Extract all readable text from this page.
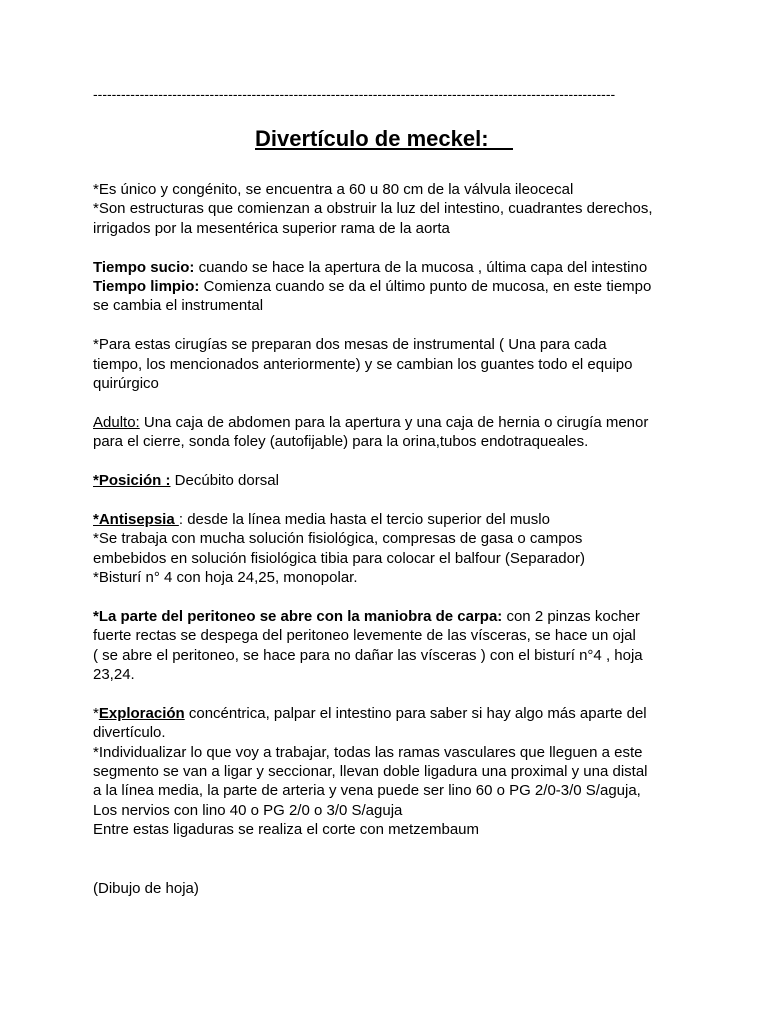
----------------------------------------------------------------------------------------------------------------
Divertículo de meckel:
*Es único y congénito, se encuentra a 60 u 80 cm de la válvula ileocecal
*Son estructuras que comienzan a obstruir la luz del intestino, cuadrantes derechos,
irrigados por la mesentérica superior rama de la aorta
Tiempo sucio: cuando se hace la apertura de la mucosa , última capa del intestino
Tiempo limpio: Comienza cuando se da el último punto de mucosa, en este tiempo
se cambia el instrumental
*Para estas cirugías se preparan dos mesas de instrumental ( Una para cada
tiempo, los mencionados anteriormente) y se cambian los guantes todo el equipo
quirúrgico
Adulto: Una caja de abdomen para la apertura y una caja de hernia o cirugía menor
para el cierre, sonda foley (autofijable) para la orina,tubos endotraqueales.
*Posición : Decúbito dorsal
*Antisepsia : desde la línea media hasta el tercio superior del muslo
*Se trabaja con mucha solución fisiológica, compresas de gasa o campos
embebidos en solución fisiológica tibia para colocar el balfour (Separador)
*Bisturí n° 4 con hoja 24,25, monopolar.
*La parte del peritoneo se abre con la maniobra de carpa: con 2 pinzas kocher
fuerte rectas se despega del peritoneo levemente de las vísceras, se hace un ojal
( se abre el peritoneo, se hace para no dañar las vísceras ) con el bisturí n°4 , hoja
23,24.
*Exploración concéntrica, palpar el intestino para saber si hay algo más aparte del
divertículo.
*Individualizar lo que voy a trabajar, todas las ramas vasculares que lleguen a este
segmento se van a ligar y seccionar, llevan doble ligadura una proximal y una distal
a la línea media, la parte de arteria y vena puede ser lino 60 o PG 2/0-3/0 S/aguja,
Los nervios con lino 40 o PG 2/0 o 3/0 S/aguja
Entre estas ligaduras se realiza el corte con metzembaum
(Dibujo de hoja)
